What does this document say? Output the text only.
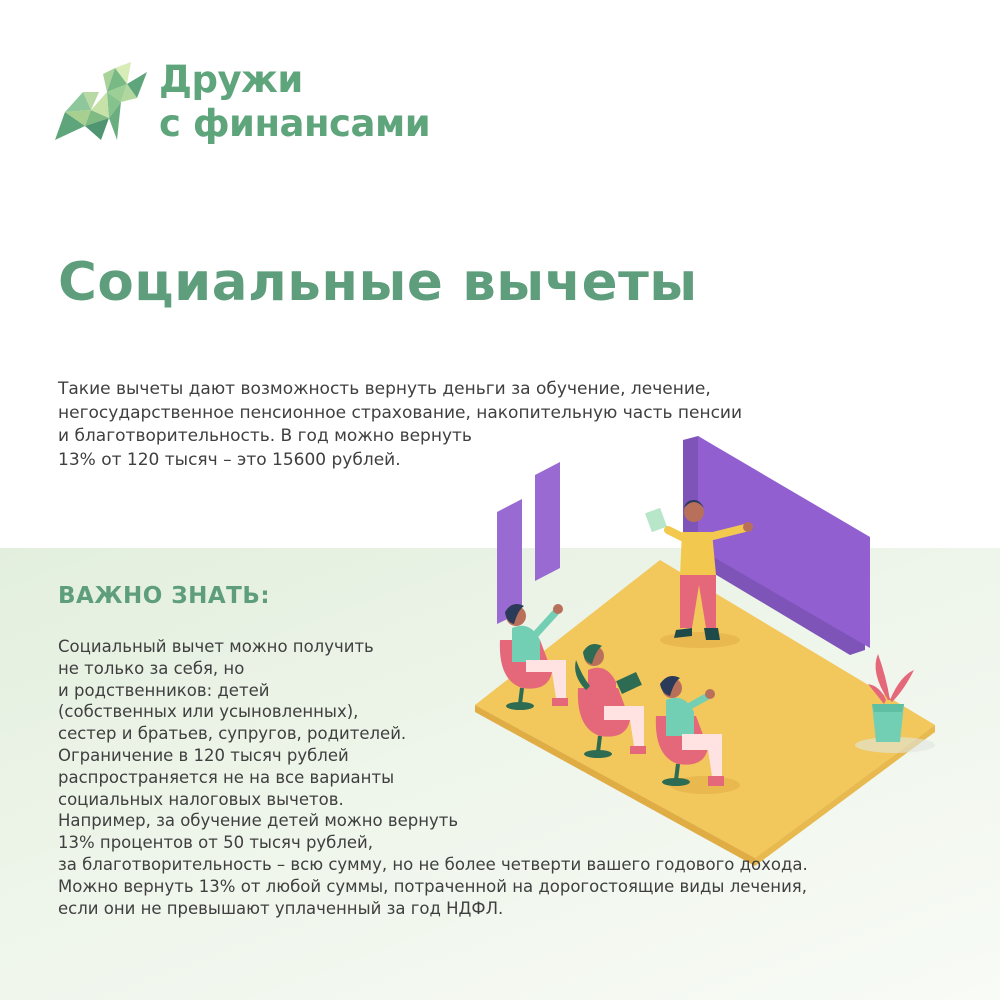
Дружи
с финансами
Социальные вычеты
Такие вычеты дают возможность вернуть деньги за обучение, лечение,
негосударственное пенсионное страхование, накопительную часть пенсии
и благотворительность. В год можно вернуть
13% от 120 тысяч – это 15600 рублей.
ВАЖНО ЗНАТЬ:
Социальный вычет можно получить
не только за себя, но
и родственников: детей
(собственных или усыновленных),
сестер и братьев, супругов, родителей.
Ограничение в 120 тысяч рублей
распространяется не на все варианты
социальных налоговых вычетов.
Например, за обучение детей можно вернуть
13% процентов от 50 тысяч рублей,
за благотворительность – всю сумму, но не более четверти вашего годового дохода.
Можно вернуть 13% от любой суммы, потраченной на дорогостоящие виды лечения,
если они не превышают уплаченный за год НДФЛ.
